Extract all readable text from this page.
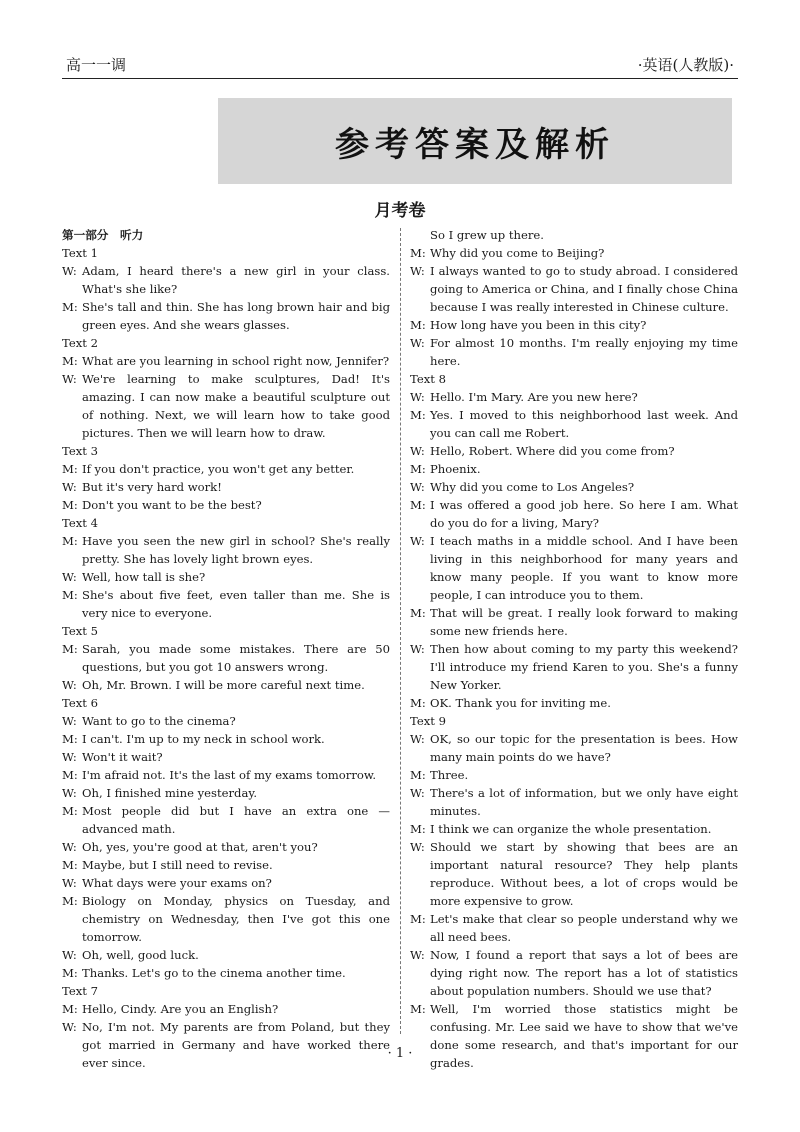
高一一调	·英语(人教版)·
参考答案及解析
月考卷
第一部分　听力
Text 1
W: Adam, I heard there's a new girl in your class. What's she like?
M: She's tall and thin. She has long brown hair and big green eyes. And she wears glasses.
Text 2
M: What are you learning in school right now, Jennifer?
W: We're learning to make sculptures, Dad! It's amazing. I can now make a beautiful sculpture out of nothing. Next, we will learn how to take good pictures. Then we will learn how to draw.
Text 3
M: If you don't practice, you won't get any better.
W: But it's very hard work!
M: Don't you want to be the best?
Text 4
M: Have you seen the new girl in school? She's really pretty. She has lovely light brown eyes.
W: Well, how tall is she?
M: She's about five feet, even taller than me. She is very nice to everyone.
Text 5
M: Sarah, you made some mistakes. There are 50 questions, but you got 10 answers wrong.
W: Oh, Mr. Brown. I will be more careful next time.
Text 6
W: Want to go to the cinema?
M: I can't. I'm up to my neck in school work.
W: Won't it wait?
M: I'm afraid not. It's the last of my exams tomorrow.
W: Oh, I finished mine yesterday.
M: Most people did but I have an extra one — advanced math.
W: Oh, yes, you're good at that, aren't you?
M: Maybe, but I still need to revise.
W: What days were your exams on?
M: Biology on Monday, physics on Tuesday, and chemistry on Wednesday, then I've got this one tomorrow.
W: Oh, well, good luck.
M: Thanks. Let's go to the cinema another time.
Text 7
M: Hello, Cindy. Are you an English?
W: No, I'm not. My parents are from Poland, but they got married in Germany and have worked there ever since.
So I grew up there.
M: Why did you come to Beijing?
W: I always wanted to go to study abroad. I considered going to America or China, and I finally chose China because I was really interested in Chinese culture.
M: How long have you been in this city?
W: For almost 10 months. I'm really enjoying my time here.
Text 8
W: Hello. I'm Mary. Are you new here?
M: Yes. I moved to this neighborhood last week. And you can call me Robert.
W: Hello, Robert. Where did you come from?
M: Phoenix.
W: Why did you come to Los Angeles?
M: I was offered a good job here. So here I am. What do you do for a living, Mary?
W: I teach maths in a middle school. And I have been living in this neighborhood for many years and know many people. If you want to know more people, I can introduce you to them.
M: That will be great. I really look forward to making some new friends here.
W: Then how about coming to my party this weekend? I'll introduce my friend Karen to you. She's a funny New Yorker.
M: OK. Thank you for inviting me.
Text 9
W: OK, so our topic for the presentation is bees. How many main points do we have?
M: Three.
W: There's a lot of information, but we only have eight minutes.
M: I think we can organize the whole presentation.
W: Should we start by showing that bees are an important natural resource? They help plants reproduce. Without bees, a lot of crops would be more expensive to grow.
M: Let's make that clear so people understand why we all need bees.
W: Now, I found a report that says a lot of bees are dying right now. The report has a lot of statistics about population numbers. Should we use that?
M: Well, I'm worried those statistics might be confusing. Mr. Lee said we have to show that we've done some research, and that's important for our grades.
· 1 ·
